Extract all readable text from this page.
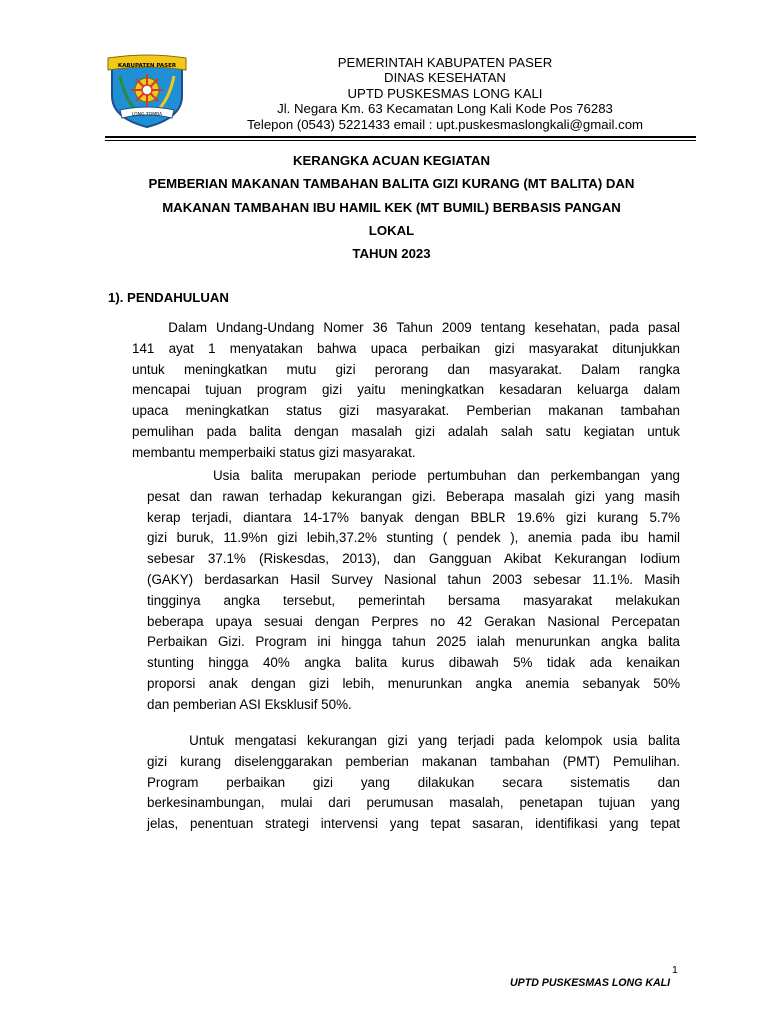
KABUPATEN PASER
LONG TOMBA
PEMERINTAH KABUPATEN PASER
DINAS KESEHATAN
UPTD PUSKESMAS LONG KALI
Jl. Negara Km. 63 Kecamatan Long Kali Kode Pos 76283
Telepon (0543) 5221433 email : upt.puskesmaslongkali@gmail.com
KERANGKA ACUAN KEGIATAN
PEMBERIAN MAKANAN TAMBAHAN BALITA GIZI KURANG (MT BALITA) DAN
MAKANAN TAMBAHAN IBU HAMIL KEK (MT BUMIL) BERBASIS PANGAN
LOKAL
TAHUN 2023
1). PENDAHULUAN
Dalam Undang-Undang Nomer 36 Tahun 2009 tentang kesehatan, pada pasal
141 ayat 1 menyatakan bahwa upaca perbaikan gizi masyarakat ditunjukkan
untuk meningkatkan mutu gizi perorang dan masyarakat. Dalam rangka
mencapai tujuan program gizi yaitu meningkatkan kesadaran keluarga dalam
upaca meningkatkan status gizi masyarakat. Pemberian makanan tambahan
pemulihan pada balita dengan masalah gizi adalah salah satu kegiatan untuk
membantu memperbaiki status gizi masyarakat.
Usia balita merupakan periode pertumbuhan dan perkembangan yang
pesat dan rawan terhadap kekurangan gizi. Beberapa masalah gizi yang masih
kerap terjadi, diantara 14-17% banyak dengan BBLR 19.6% gizi kurang 5.7%
gizi buruk, 11.9%n gizi lebih,37.2% stunting ( pendek ), anemia pada ibu hamil
sebesar 37.1% (Riskesdas, 2013), dan Gangguan Akibat Kekurangan Iodium
(GAKY) berdasarkan Hasil Survey Nasional tahun 2003 sebesar 11.1%. Masih
tingginya angka tersebut, pemerintah bersama masyarakat melakukan
beberapa upaya sesuai dengan Perpres no 42 Gerakan Nasional Percepatan
Perbaikan Gizi. Program ini hingga tahun 2025 ialah menurunkan angka balita
stunting hingga 40% angka balita kurus dibawah 5% tidak ada kenaikan
proporsi anak dengan gizi lebih, menurunkan angka anemia sebanyak 50%
dan pemberian ASI Eksklusif 50%.
Untuk mengatasi kekurangan gizi yang terjadi pada kelompok usia balita
gizi kurang diselenggarakan pemberian makanan tambahan (PMT) Pemulihan.
Program perbaikan gizi yang dilakukan secara sistematis dan
berkesinambungan, mulai dari perumusan masalah, penetapan tujuan yang
jelas, penentuan strategi intervensi yang tepat sasaran, identifikasi yang tepat
1
UPTD PUSKESMAS LONG KALI
